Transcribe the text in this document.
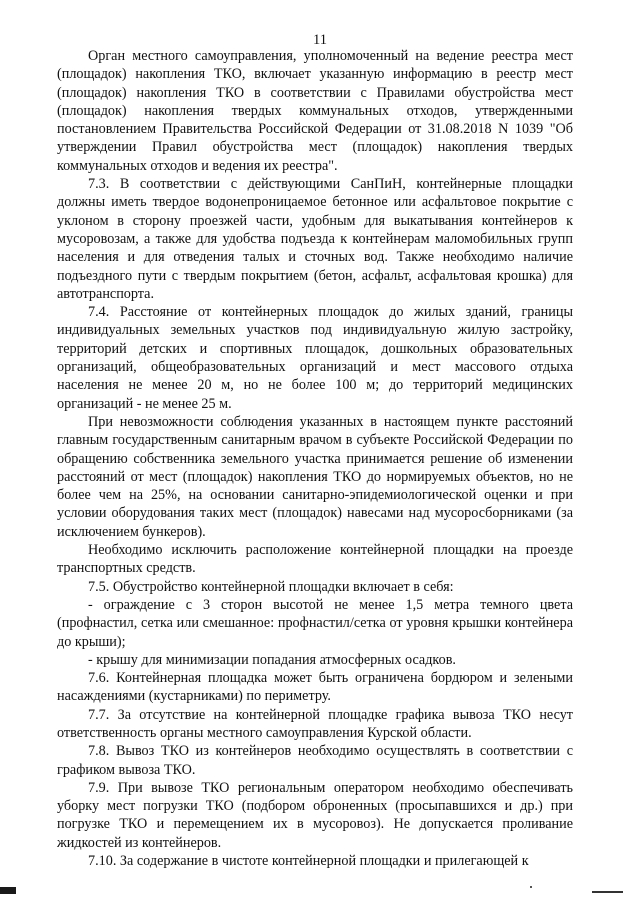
11

Орган местного самоуправления, уполномоченный на ведение реестра мест (площадок) накопления ТКО, включает указанную информацию в реестр мест (площадок) накопления ТКО в соответствии с Правилами обустройства мест (площадок) накопления твердых коммунальных отходов, утвержденными постановлением Правительства Российской Федерации от 31.08.2018 N 1039 "Об утверждении Правил обустройства мест (площадок) накопления твердых коммунальных отходов и ведения их реестра".

7.3. В соответствии с действующими СанПиН, контейнерные площадки должны иметь твердое водонепроницаемое бетонное или асфальтовое покрытие с уклоном в сторону проезжей части, удобным для выкатывания контейнеров к мусоровозам, а также для удобства подъезда к контейнерам маломобильных групп населения и для отведения талых и сточных вод. Также необходимо наличие подъездного пути с твердым покрытием (бетон, асфальт, асфальтовая крошка) для автотранспорта.

7.4. Расстояние от контейнерных площадок до жилых зданий, границы индивидуальных земельных участков под индивидуальную жилую застройку, территорий детских и спортивных площадок, дошкольных образовательных организаций, общеобразовательных организаций и мест массового отдыха населения не менее 20 м, но не более 100 м; до территорий медицинских организаций - не менее 25 м.

При невозможности соблюдения указанных в настоящем пункте расстояний главным государственным санитарным врачом в субъекте Российской Федерации по обращению собственника земельного участка принимается решение об изменении расстояний от мест (площадок) накопления ТКО до нормируемых объектов, но не более чем на 25%, на основании санитарно-эпидемиологической оценки и при условии оборудования таких мест (площадок) навесами над мусоросборниками (за исключением бункеров).

Необходимо исключить расположение контейнерной площадки на проезде транспортных средств.

7.5. Обустройство контейнерной площадки включает в себя:

- ограждение с 3 сторон высотой не менее 1,5 метра темного цвета (профнастил, сетка или смешанное: профнастил/сетка от уровня крышки контейнера до крыши);

- крышу для минимизации попадания атмосферных осадков.

7.6. Контейнерная площадка может быть ограничена бордюром и зелеными насаждениями (кустарниками) по периметру.

7.7. За отсутствие на контейнерной площадке графика вывоза ТКО несут ответственность органы местного самоуправления Курской области.

7.8. Вывоз ТКО из контейнеров необходимо осуществлять в соответствии с графиком вывоза ТКО.

7.9. При вывозе ТКО региональным оператором необходимо обеспечивать уборку мест погрузки ТКО (подбором оброненных (просыпавшихся и др.) при погрузке ТКО и перемещением их в мусоровоз). Не допускается проливание жидкостей из контейнеров.

7.10. За содержание в чистоте контейнерной площадки и прилегающей к
